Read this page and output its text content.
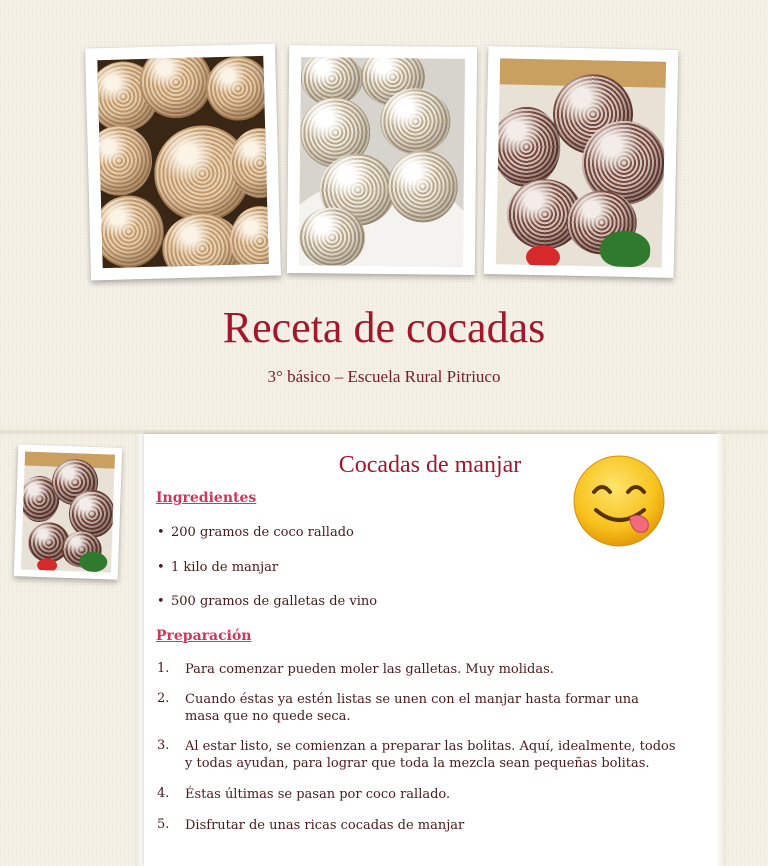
Receta de cocadas
3° básico – Escuela Rural Pitriuco
Cocadas de manjar
Ingredientes
• 200 gramos de coco rallado
• 1 kilo de manjar
• 500 gramos de galletas de vino
Preparación
1.	Para comenzar pueden moler las galletas. Muy molidas.
2.	Cuando éstas ya estén listas se unen con el manjar hasta formar una masa que no quede seca.
3.	Al estar listo, se comienzan a preparar las bolitas. Aquí, idealmente, todos y todas ayudan, para lograr que toda la mezcla sean pequeñas bolitas.
4.	Éstas últimas se pasan por coco rallado.
5.	Disfrutar de unas ricas cocadas de manjar
